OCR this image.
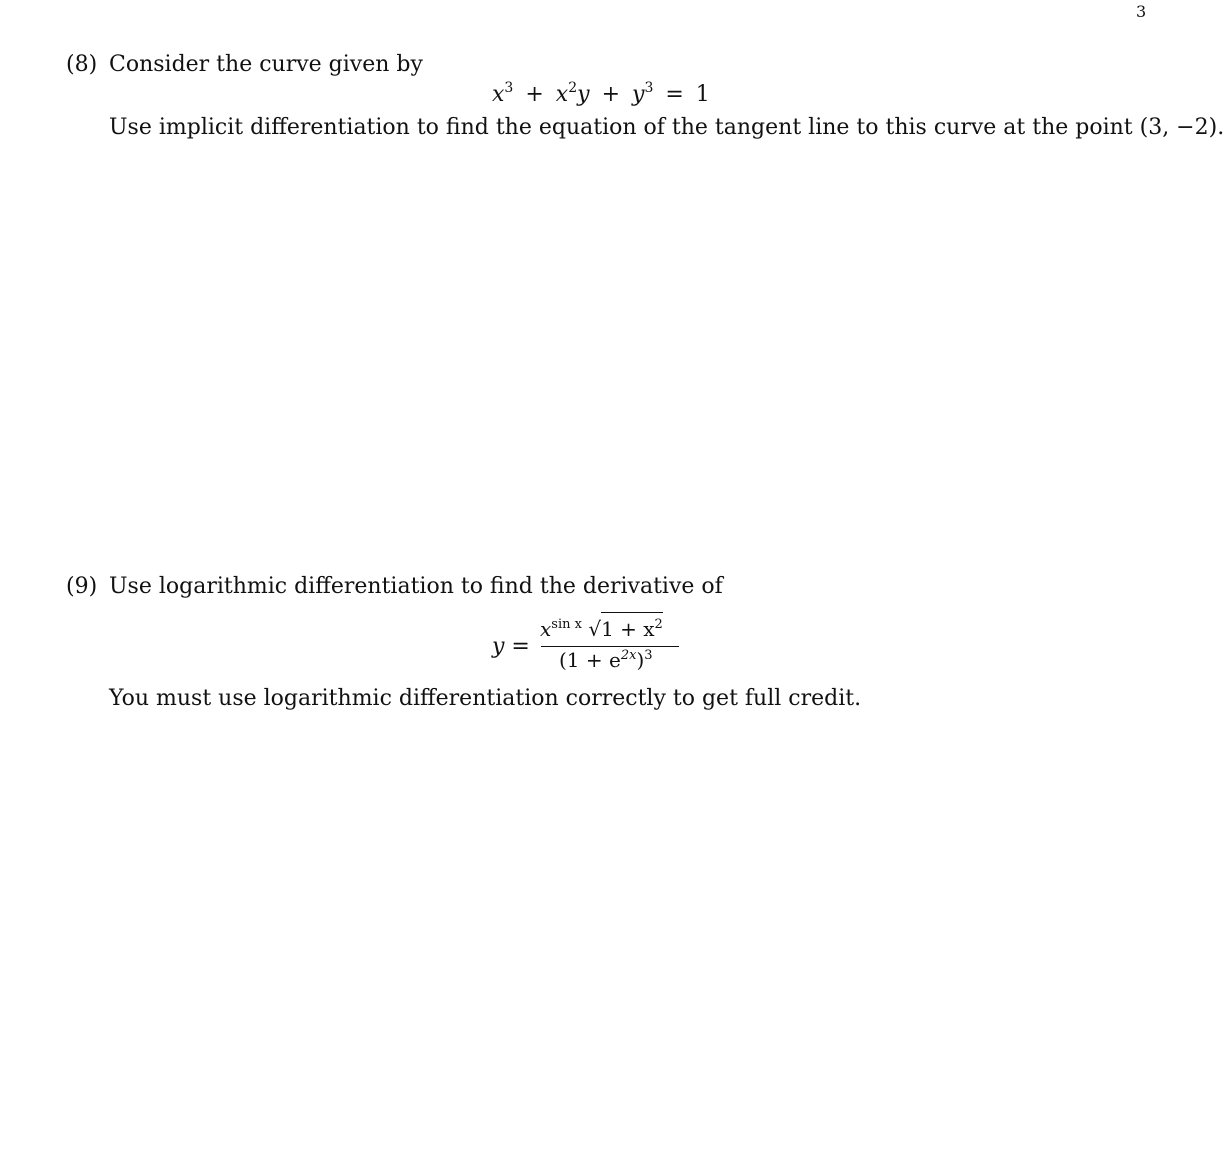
3
(8) Consider the curve given by
$x^3 + x^2y + y^3 = 1$
Use implicit differentiation to find the equation of the tangent line to this curve at the point (3, −2).
(9) Use logarithmic differentiation to find the derivative of
y =
$x^{sin x}$ $√1 + x^2$
$(1 + e^{2x})^3$
You must use logarithmic differentiation correctly to get full credit.
